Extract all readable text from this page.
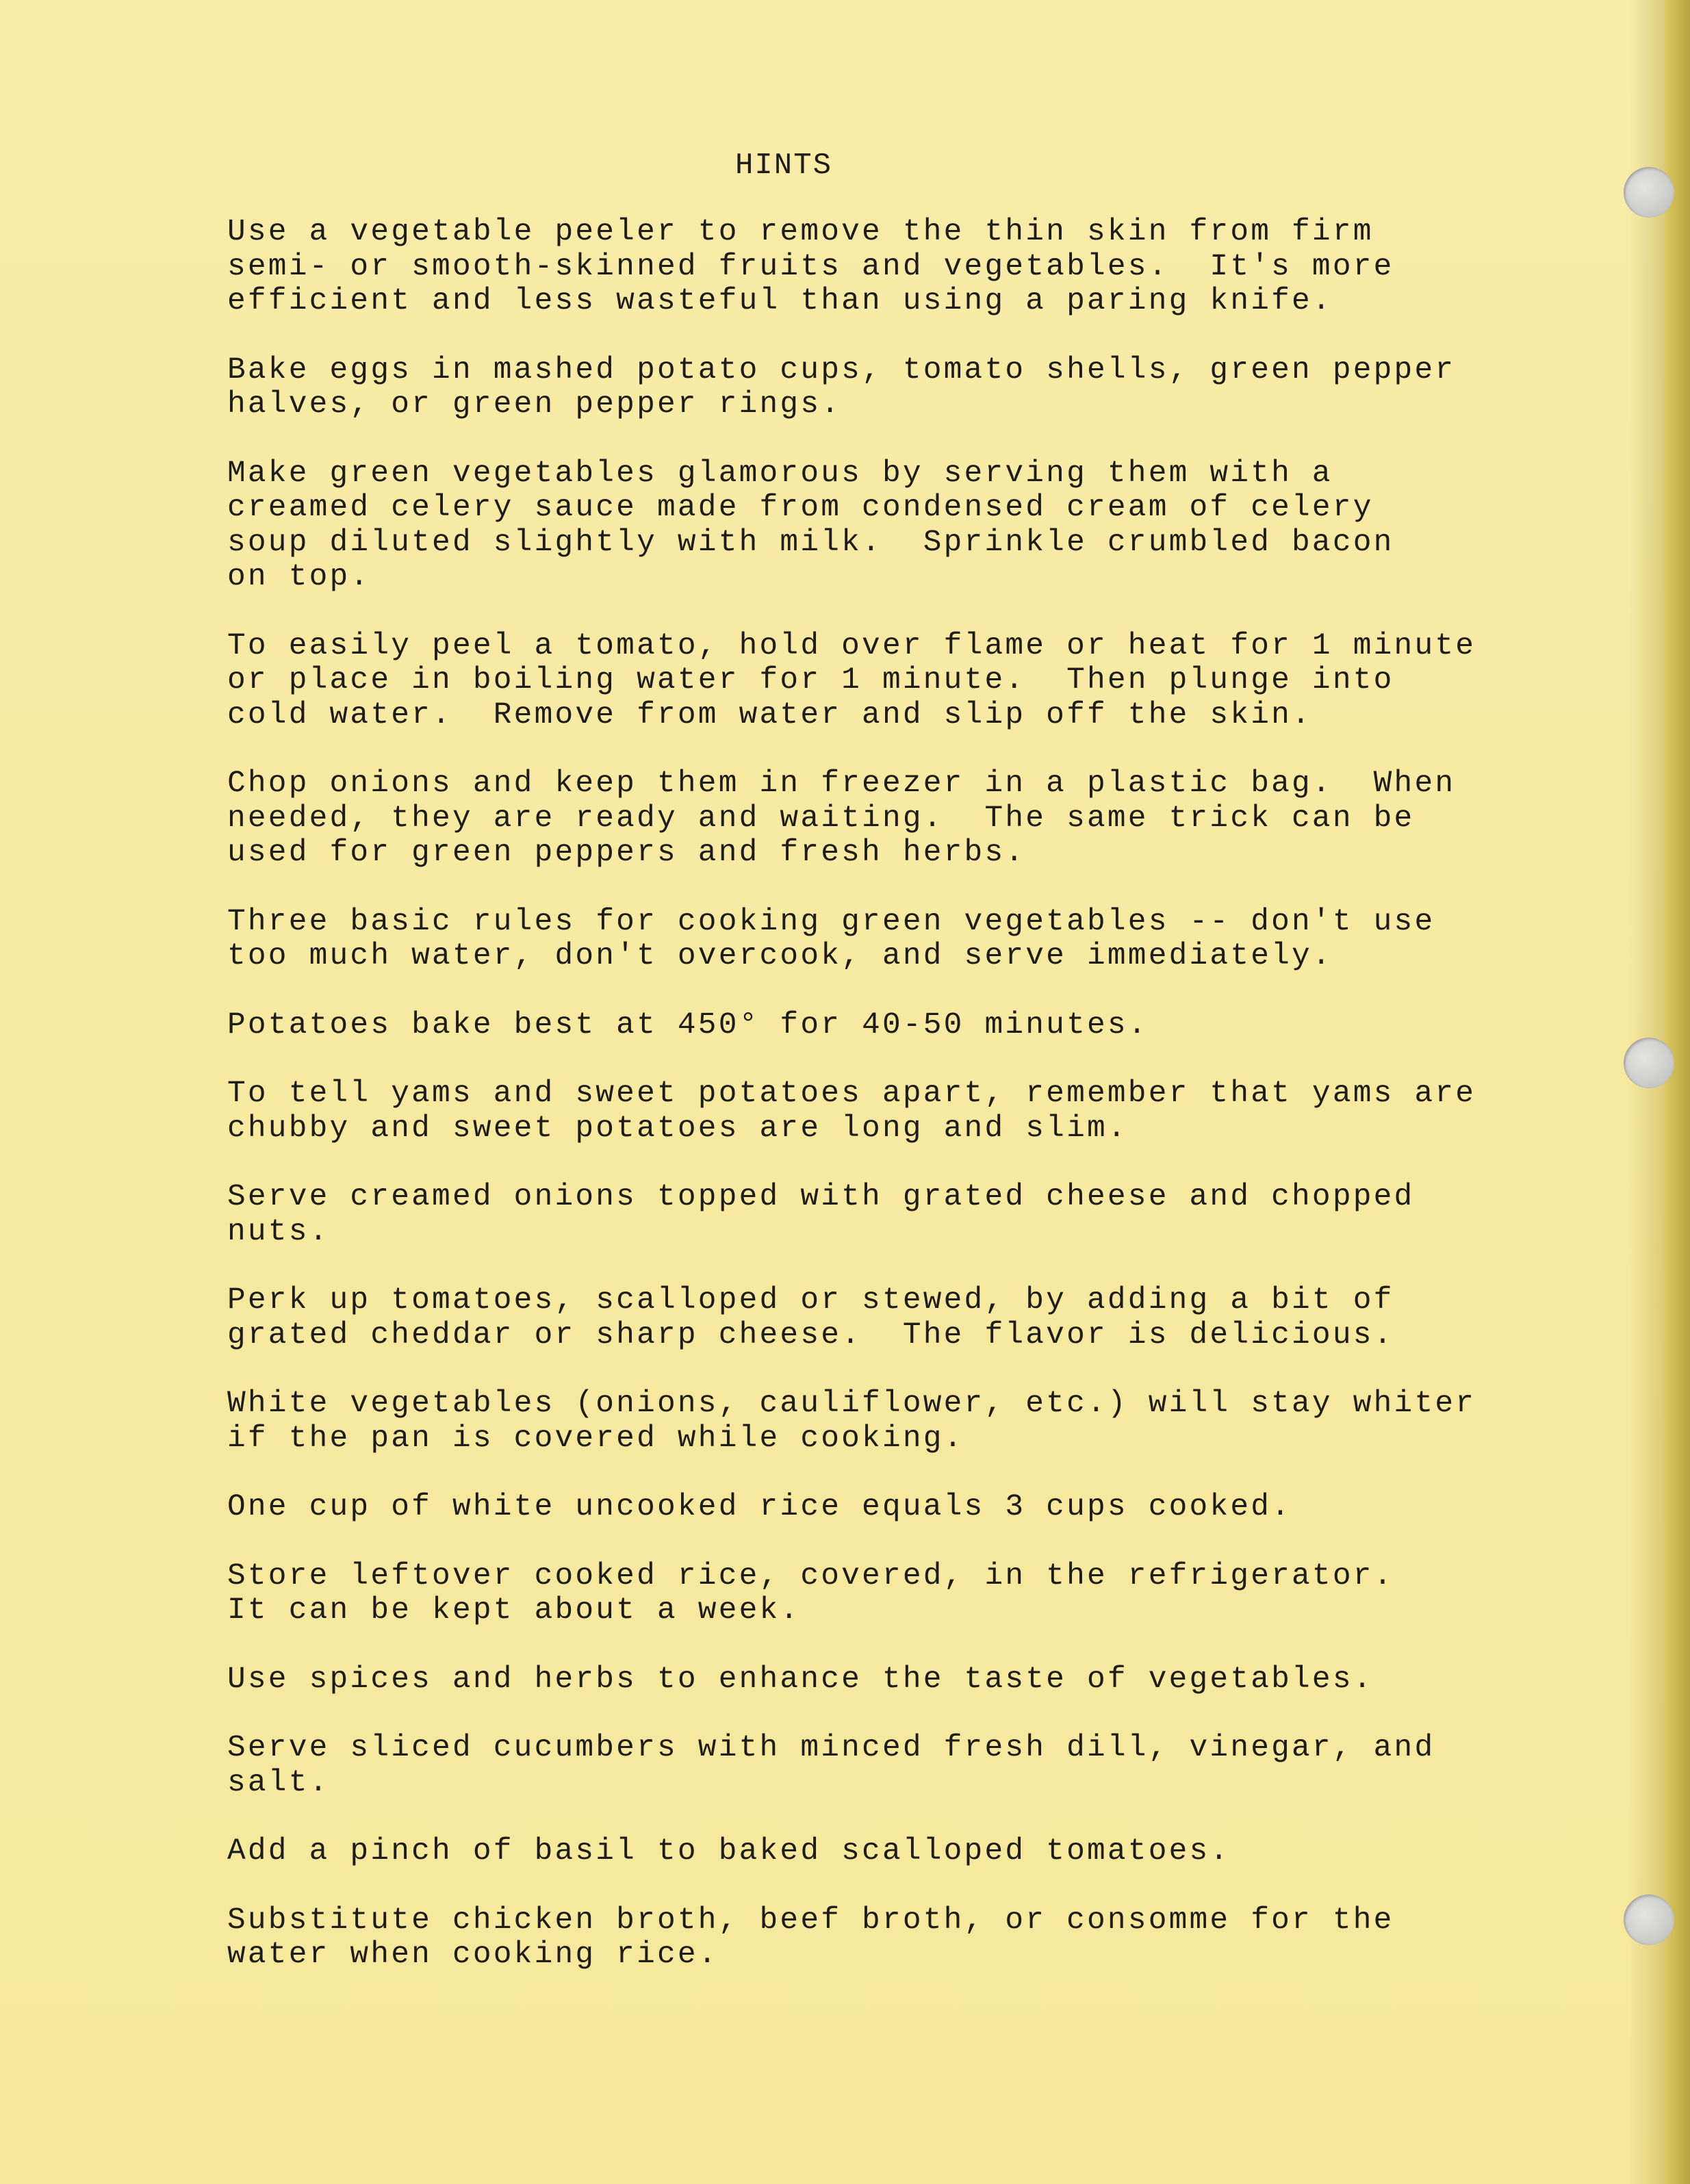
HINTS
Use a vegetable peeler to remove the thin skin from firm
semi- or smooth-skinned fruits and vegetables.  It's more
efficient and less wasteful than using a paring knife.
Bake eggs in mashed potato cups, tomato shells, green pepper
halves, or green pepper rings.
Make green vegetables glamorous by serving them with a
creamed celery sauce made from condensed cream of celery
soup diluted slightly with milk.  Sprinkle crumbled bacon
on top.
To easily peel a tomato, hold over flame or heat for 1 minute
or place in boiling water for 1 minute.  Then plunge into
cold water.  Remove from water and slip off the skin.
Chop onions and keep them in freezer in a plastic bag.  When
needed, they are ready and waiting.  The same trick can be
used for green peppers and fresh herbs.
Three basic rules for cooking green vegetables -- don't use
too much water, don't overcook, and serve immediately.
Potatoes bake best at 450° for 40-50 minutes.
To tell yams and sweet potatoes apart, remember that yams are
chubby and sweet potatoes are long and slim.
Serve creamed onions topped with grated cheese and chopped
nuts.
Perk up tomatoes, scalloped or stewed, by adding a bit of
grated cheddar or sharp cheese.  The flavor is delicious.
White vegetables (onions, cauliflower, etc.) will stay whiter
if the pan is covered while cooking.
One cup of white uncooked rice equals 3 cups cooked.
Store leftover cooked rice, covered, in the refrigerator.
It can be kept about a week.
Use spices and herbs to enhance the taste of vegetables.
Serve sliced cucumbers with minced fresh dill, vinegar, and
salt.
Add a pinch of basil to baked scalloped tomatoes.
Substitute chicken broth, beef broth, or consomme for the
water when cooking rice.
